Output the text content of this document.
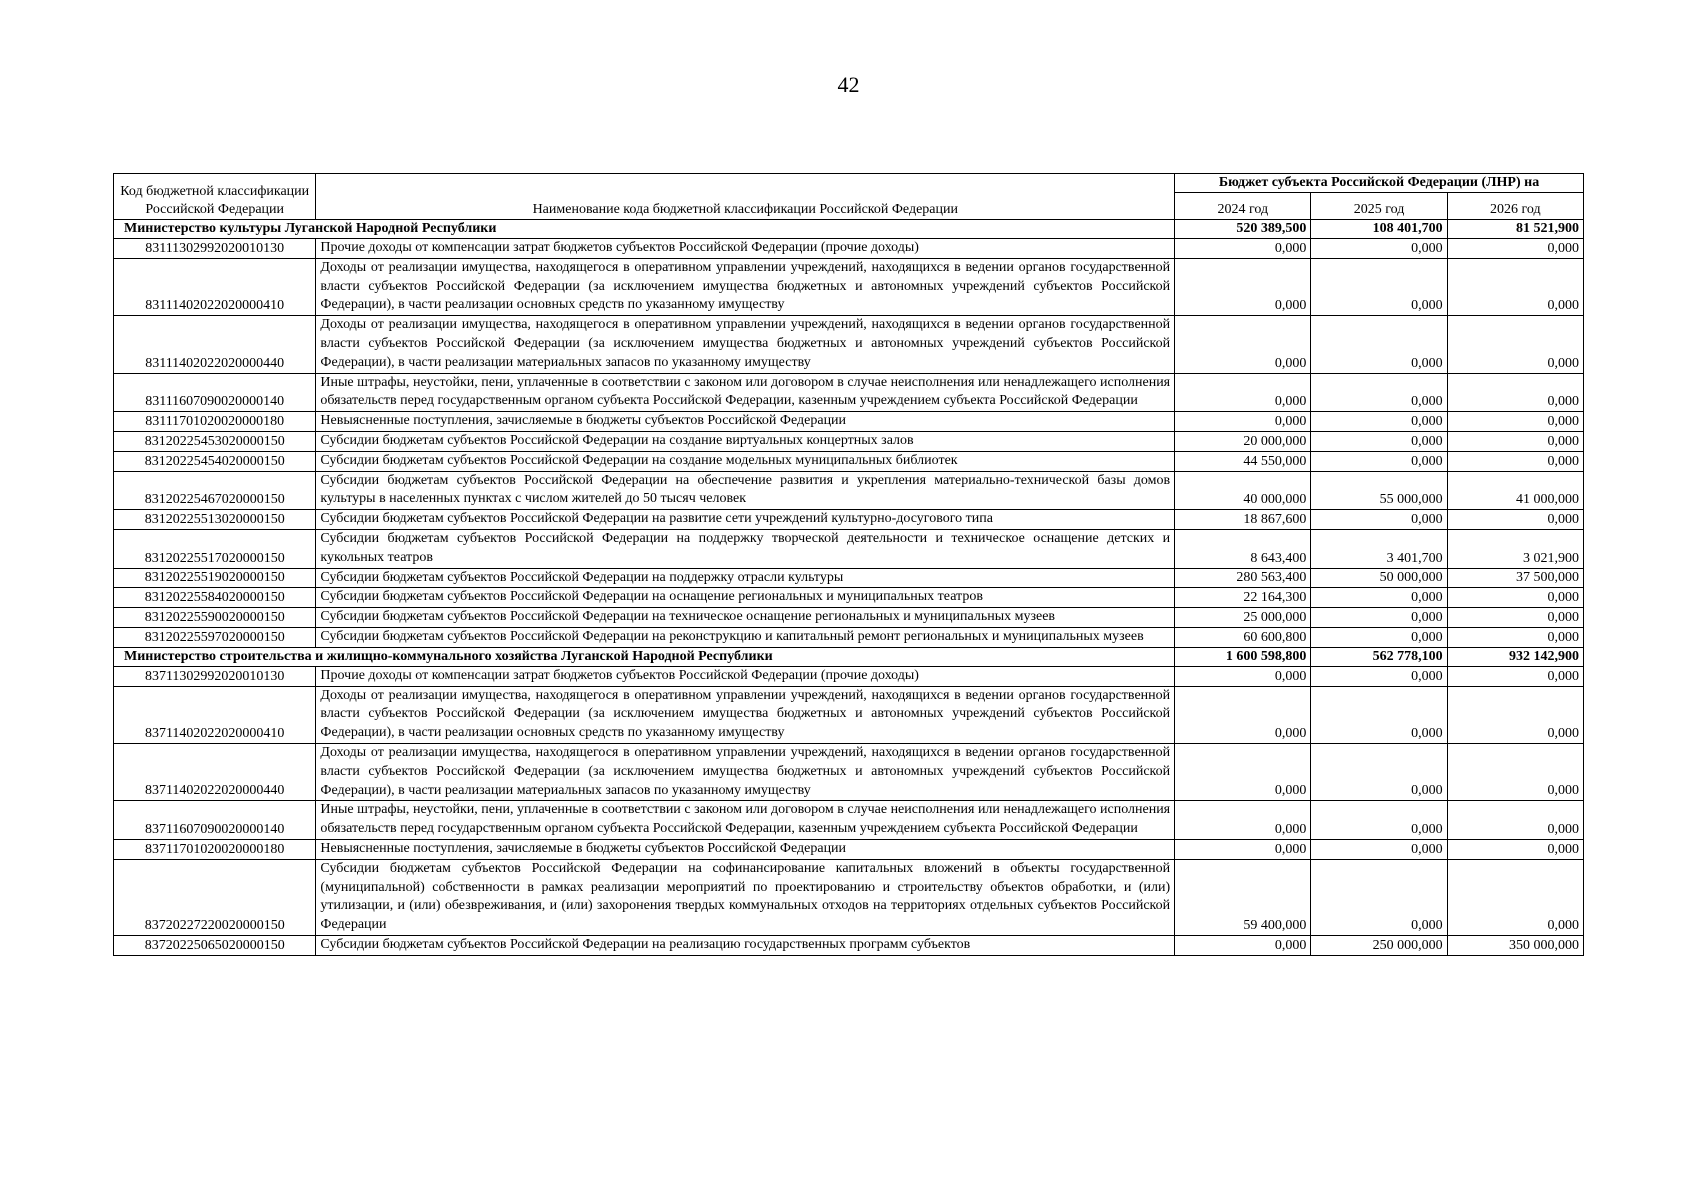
42
Код бюджетной классификации Российской Федерации	Наименование кода бюджетной классификации Российской Федерации	Бюджет субъекта Российской Федерации (ЛНР) на		
		2024 год	2025 год	2026 год
Министерство культуры Луганской Народной Республики		520 389,500	108 401,700	81 521,900
83111302992020010130	Прочие доходы от компенсации затрат бюджетов субъектов Российской Федерации (прочие доходы)	0,000	0,000	0,000
83111402022020000410	Доходы от реализации имущества, находящегося в оперативном управлении учреждений, находящихся в ведении органов государственной власти субъектов Российской Федерации (за исключением имущества бюджетных и автономных учреждений субъектов Российской Федерации), в части реализации основных средств по указанному имуществу	0,000	0,000	0,000
83111402022020000440	Доходы от реализации имущества, находящегося в оперативном управлении учреждений, находящихся в ведении органов государственной власти субъектов Российской Федерации (за исключением имущества бюджетных и автономных учреждений субъектов Российской Федерации), в части реализации материальных запасов по указанному имуществу	0,000	0,000	0,000
83111607090020000140	Иные штрафы, неустойки, пени, уплаченные в соответствии с законом или договором в случае неисполнения или ненадлежащего исполнения обязательств перед государственным органом субъекта Российской Федерации, казенным учреждением субъекта Российской Федерации	0,000	0,000	0,000
83111701020020000180	Невыясненные поступления, зачисляемые в бюджеты субъектов Российской Федерации	0,000	0,000	0,000
83120225453020000150	Субсидии бюджетам субъектов Российской Федерации на создание виртуальных концертных залов	20 000,000	0,000	0,000
83120225454020000150	Субсидии бюджетам субъектов Российской Федерации на создание модельных муниципальных библиотек	44 550,000	0,000	0,000
83120225467020000150	Субсидии бюджетам субъектов Российской Федерации на обеспечение развития и укрепления материально-технической базы домов культуры в населенных пунктах с числом жителей до 50 тысяч человек	40 000,000	55 000,000	41 000,000
83120225513020000150	Субсидии бюджетам субъектов Российской Федерации на развитие сети учреждений культурно-досугового типа	18 867,600	0,000	0,000
83120225517020000150	Субсидии бюджетам субъектов Российской Федерации на поддержку творческой деятельности и техническое оснащение детских и кукольных театров	8 643,400	3 401,700	3 021,900
83120225519020000150	Субсидии бюджетам субъектов Российской Федерации на поддержку отрасли культуры	280 563,400	50 000,000	37 500,000
83120225584020000150	Субсидии бюджетам субъектов Российской Федерации на оснащение региональных и муниципальных театров	22 164,300	0,000	0,000
83120225590020000150	Субсидии бюджетам субъектов Российской Федерации на техническое оснащение региональных и муниципальных музеев	25 000,000	0,000	0,000
83120225597020000150	Субсидии бюджетам субъектов Российской Федерации на реконструкцию и капитальный ремонт региональных и муниципальных музеев	60 600,800	0,000	0,000
Министерство строительства и жилищно-коммунального хозяйства Луганской Народной Республики		1 600 598,800	562 778,100	932 142,900
83711302992020010130	Прочие доходы от компенсации затрат бюджетов субъектов Российской Федерации (прочие доходы)	0,000	0,000	0,000
83711402022020000410	Доходы от реализации имущества, находящегося в оперативном управлении учреждений, находящихся в ведении органов государственной власти субъектов Российской Федерации (за исключением имущества бюджетных и автономных учреждений субъектов Российской Федерации), в части реализации основных средств по указанному имуществу	0,000	0,000	0,000
83711402022020000440	Доходы от реализации имущества, находящегося в оперативном управлении учреждений, находящихся в ведении органов государственной власти субъектов Российской Федерации (за исключением имущества бюджетных и автономных учреждений субъектов Российской Федерации), в части реализации материальных запасов по указанному имуществу	0,000	0,000	0,000
83711607090020000140	Иные штрафы, неустойки, пени, уплаченные в соответствии с законом или договором в случае неисполнения или ненадлежащего исполнения обязательств перед государственным органом субъекта Российской Федерации, казенным учреждением субъекта Российской Федерации	0,000	0,000	0,000
83711701020020000180	Невыясненные поступления, зачисляемые в бюджеты субъектов Российской Федерации	0,000	0,000	0,000
83720227220020000150	Субсидии бюджетам субъектов Российской Федерации на софинансирование капитальных вложений в объекты государственной (муниципальной) собственности в рамках реализации мероприятий по проектированию и строительству объектов обработки, и (или) утилизации, и (или) обезвреживания, и (или) захоронения твердых коммунальных отходов на территориях отдельных субъектов Российской Федерации	59 400,000	0,000	0,000
83720225065020000150	Субсидии бюджетам субъектов Российской Федерации на реализацию государственных программ субъектов	0,000	250 000,000	350 000,000
